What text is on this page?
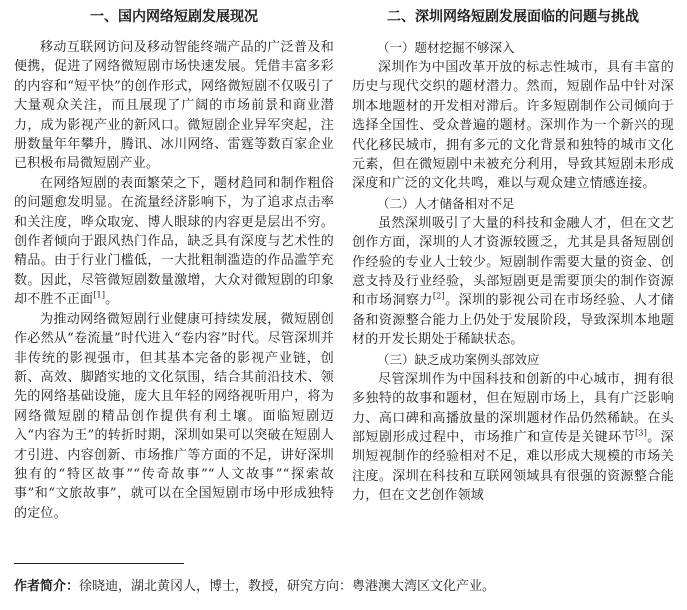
一、国内网络短剧发展现况

移动互联网访问及移动智能终端产品的广泛普及和便携，促进了网络微短剧市场快速发展。凭借丰富多彩的内容和“短平快”的创作形式，网络微短剧不仅吸引了大量观众关注，而且展现了广阔的市场前景和商业潜力，成为影视产业的新风口。微短剧企业异军突起，注册数量年年攀升，腾讯、冰川网络、雷霆等数百家企业已积极布局微短剧产业。

在网络短剧的表面繁荣之下，题材趋同和制作粗俗的问题愈发明显。在流量经济影响下，为了追求点击率和关注度，哗众取宠、博人眼球的内容更是层出不穷。创作者倾向于跟风热门作品，缺乏具有深度与艺术性的精品。由于行业门槛低，一大批粗制滥造的作品滥竽充数。因此，尽管微短剧数量激增，大众对微短剧的印象却不胜不正面[1]。

为推动网络微短剧行业健康可持续发展，微短剧创作必然从“卷流量”时代进入“卷内容”时代。尽管深圳并非传统的影视强市，但其基本完备的影视产业链，创新、高效、脚踏实地的文化氛围，结合其前沿技术、领先的网络基础设施，庞大且年轻的网络视听用户，将为网络微短剧的精品创作提供有利土壤。面临短剧迈入“内容为王”的转折时期，深圳如果可以突破在短剧人才引进、内容创新、市场推广等方面的不足，讲好深圳独有的“特区故事”“传奇故事”“人文故事”“探索故事”和“文旅故事”，就可以在全国短剧市场中形成独特的定位。

二、深圳网络短剧发展面临的问题与挑战
（一）题材挖掘不够深入

深圳作为中国改革开放的标志性城市，具有丰富的历史与现代交织的题材潜力。然而，短剧作品中针对深圳本地题材的开发相对滞后。许多短剧制作公司倾向于选择全国性、受众普遍的题材。深圳作为一个新兴的现代化移民城市，拥有多元的文化背景和独特的城市文化元素，但在微短剧中未被充分利用，导致其短剧未形成深度和广泛的文化共鸣，难以与观众建立情感连接。

（二）人才储备相对不足

虽然深圳吸引了大量的科技和金融人才，但在文艺创作方面，深圳的人才资源较匮乏，尤其是具备短剧创作经验的专业人士较少。短剧制作需要大量的资金、创意支持及行业经验，头部短剧更是需要顶尖的制作资源和市场洞察力[2]。深圳的影视公司在市场经验、人才储备和资源整合能力上仍处于发展阶段，导致深圳本地题材的开发长期处于稀缺状态。

（三）缺乏成功案例头部效应

尽管深圳作为中国科技和创新的中心城市，拥有很多独特的故事和题材，但在短剧市场上，具有广泛影响力、高口碑和高播放量的深圳题材作品仍然稀缺。在头部短剧形成过程中，市场推广和宣传是关键环节[3]。深圳短视制作的经验相对不足，难以形成大规模的市场关注度。深圳在科技和互联网领域具有很强的资源整合能力，但在文艺创作领域

作者简介：徐晓迪，湖北黄冈人，博士，教授，研究方向：粤港澳大湾区文化产业。
